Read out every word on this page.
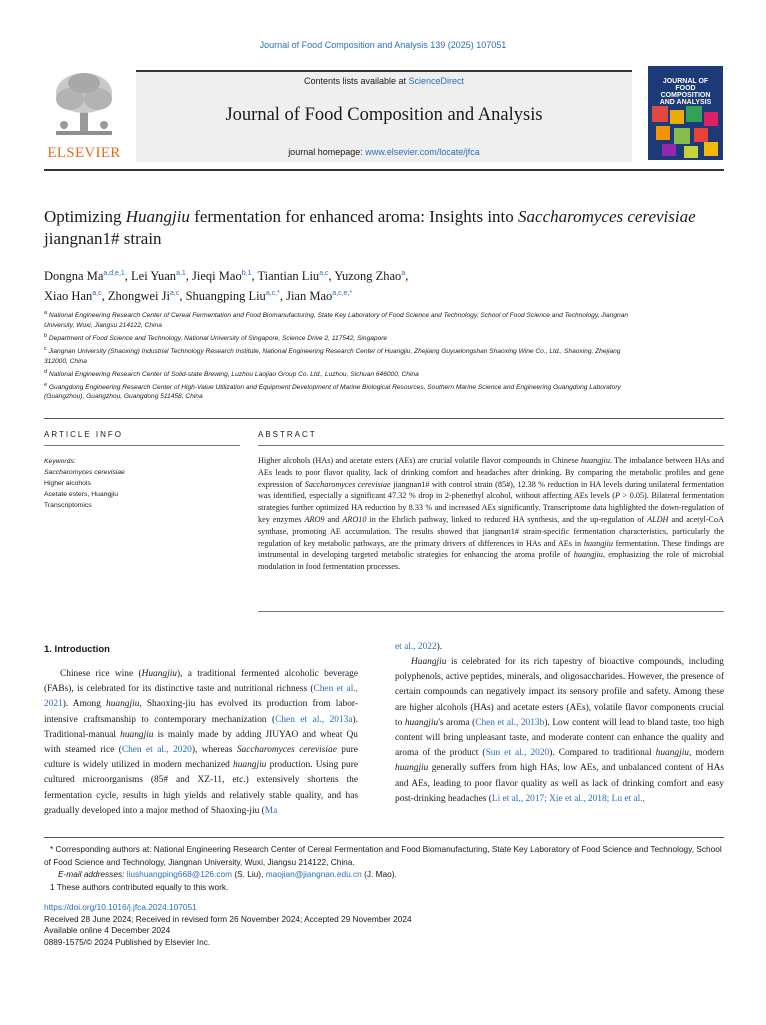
Journal of Food Composition and Analysis 139 (2025) 107051
ELSEVIER
Contents lists available at ScienceDirect
Journal of Food Composition and Analysis
journal homepage: www.elsevier.com/locate/jfca
JOURNAL OF FOOD
COMPOSITION
AND ANALYSIS
Optimizing Huangjiu fermentation for enhanced aroma: Insights into Saccharomyces cerevisiae jiangnan1# strain
Dongna Ma$^{a,d,e,1}$, Lei Yuan$^{a,1}$, Jieqi Mao$^{b,1}$, Tiantian Liu$^{a,c}$, Yuzong Zhao$^a$,
Xiao Han$^{a,c}$, Zhongwei Ji$^{a,c}$, Shuangping Liu$^{a,c,*}$, Jian Mao$^{a,c,e,*}$
$^a$ National Engineering Research Center of Cereal Fermentation and Food Biomanufacturing, State Key Laboratory of Food Science and Technology, School of Food Science and Technology, Jiangnan University, Wuxi, Jiangsu 214122, China
$^b$ Department of Food Science and Technology, National University of Singapore, Science Drive 2, 117542, Singapore
$^c$ Jiangnan University (Shaoxing) Industrial Technology Research Institute, National Engineering Research Center of Huangjiu, Zhejiang Guyuelongshan Shaoxing Wine Co., Ltd., Shaoxing, Zhejiang 312000, China
$^d$ National Engineering Research Center of Solid-state Brewing, Luzhou Laojiao Group Co. Ltd., Luzhou, Sichuan 646000, China
$^e$ Guangdong Engineering Research Center of High-Value Utilization and Equipment Development of Marine Biological Resources, Southern Marine Science and Engineering Guangdong Laboratory (Guangzhou), Guangzhou, Guangdong 511458, China
ARTICLE INFO
Keywords:
Saccharomyces cerevisiae
Higher alcohols
Acetate esters, Huangjiu
Transcriptomics
ABSTRACT
Higher alcohols (HAs) and acetate esters (AEs) are crucial volatile flavor compounds in Chinese huangjiu. The imbalance between HAs and AEs leads to poor flavor quality, lack of drinking comfort and headaches after drinking. By comparing the metabolic profiles and gene expression of Saccharomyces cerevisiae jiangnan1# with control strain (85#), 12.38 % reduction in HA levels during unilateral fermentation was identified, especially a significant 47.32 % drop in 2-phenethyl alcohol, without affecting AEs levels (P > 0.05). Bilateral fermentation strategies further optimized HA reduction by 8.33 % and increased AEs significantly. Transcriptome data highlighted the down-regulation of key enzymes ARO9 and ARO10 in the Ehrlich pathway, linked to reduced HA synthesis, and the up-regulation of ALDH and acetyl-CoA synthase, promoting AE accumulation. The results showed that jiangnan1# strain-specific fermentation characteristics, particularly the regulation of key metabolic pathways, are the primary drivers of differences in HAs and AEs in huangjiu fermentation. These findings are instrumental in developing targeted metabolic strategies for enhancing the aroma profile of huangjiu, emphasizing the role of microbial modulation in food fermentation processes.
1. Introduction
Chinese rice wine (Huangjiu), a traditional fermented alcoholic beverage (FABs), is celebrated for its distinctive taste and nutritional richness (Chen et al., 2021). Among huangjiu, Shaoxing-jiu has evolved its production from labor-intensive craftsmanship to contemporary mechanization (Chen et al., 2013a). Traditional-manual huangjiu is mainly made by adding JIUYAO and wheat Qu with steamed rice (Chen et al., 2020), whereas Saccharomyces cerevisiae pure culture is widely utilized in modern mechanized huangjiu production. Using pure cultured microorganisms (85# and XZ-11, etc.) extensively shortens the fermentation cycle, results in high yields and relatively stable quality, and has gradually developed into a major method of Shaoxing-jiu (Ma
et al., 2022).
Huangjiu is celebrated for its rich tapestry of bioactive compounds, including polyphenols, active peptides, minerals, and oligosaccharides. However, the presence of certain compounds can negatively impact its sensory profile and safety. Among these are higher alcohols (HAs) and acetate esters (AEs), volatile flavor components crucial to huangjiu's aroma (Chen et al., 2013b). Low content will lead to bland taste, too high content will bring unpleasant taste, and moderate content can enhance the quality and aroma of the product (Sun et al., 2020). Compared to traditional huangjiu, modern huangjiu generally suffers from high HAs, low AEs, and unbalanced content of HAs and AEs, leading to poor flavor quality as well as lack of drinking comfort and easy post-drinking headaches (Li et al., 2017; Xie et al., 2018; Lu et al.,

* Corresponding authors at: National Engineering Research Center of Cereal Fermentation and Food Biomanufacturing, State Key Laboratory of Food Science and Technology, School of Food Science and Technology, Jiangnan University, Wuxi, Jiangsu 214122, China.

E-mail addresses: liushuangping668@126.com (S. Liu), maojian@jiangnan.edu.cn (J. Mao).

1 These authors contributed equally to this work.

https://doi.org/10.1016/j.jfca.2024.107051
Received 28 June 2024; Received in revised form 26 November 2024; Accepted 29 November 2024
Available online 4 December 2024
0889-1575/© 2024 Published by Elsevier Inc.
